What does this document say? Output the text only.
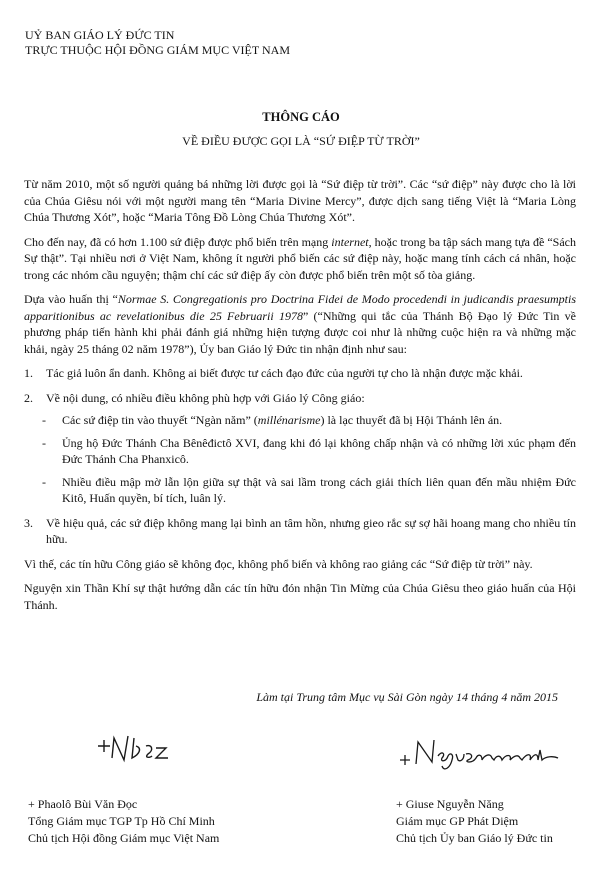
UỶ BAN GIÁO LÝ ĐỨC TIN
TRỰC THUỘC HỘI ĐỒNG GIÁM MỤC VIỆT NAM
THÔNG CÁO
VỀ ĐIỀU ĐƯỢC GỌI LÀ “SỨ ĐIỆP TỪ TRỜI”

Từ năm 2010, một số người quảng bá những lời được gọi là “Sứ điệp từ trời”. Các “sứ điệp” này được cho là lời của Chúa Giêsu nói với một người mang tên “Maria Divine Mercy”, được dịch sang tiếng Việt là “Maria Lòng Chúa Thương Xót”, hoặc “Maria Tông Đồ Lòng Chúa Thương Xót”.

Cho đến nay, đã có hơn 1.100 sứ điệp được phổ biến trên mạng internet, hoặc trong ba tập sách mang tựa đề “Sách Sự thật”. Tại nhiều nơi ở Việt Nam, không ít người phổ biến các sứ điệp này, hoặc mang tính cách cá nhân, hoặc trong các nhóm cầu nguyện; thậm chí các sứ điệp ấy còn được phổ biến trên một số tòa giảng.

Dựa vào huấn thị “Normae S. Congregationis pro Doctrina Fidei de Modo procedendi in judicandis praesumptis apparitionibus ac revelationibus die 25 Februarii 1978” (“Những qui tắc của Thánh Bộ Đạo lý Đức Tin về phương pháp tiến hành khi phải đánh giá những hiện tượng được coi như là những cuộc hiện ra và những mặc khải, ngày 25 tháng 02 năm 1978”), Ủy ban Giáo lý Đức tin nhận định như sau:

1.	Tác giả luôn ẩn danh. Không ai biết được tư cách đạo đức của người tự cho là nhận được mặc khải.
2.	Về nội dung, có nhiều điều không phù hợp với Giáo lý Công giáo:
-	Các sứ điệp tin vào thuyết “Ngàn năm” (millénarisme) là lạc thuyết đã bị Hội Thánh lên án.
-	Ủng hộ Đức Thánh Cha Bênêđictô XVI, đang khi đó lại không chấp nhận và có những lời xúc phạm đến Đức Thánh Cha Phanxicô.
-	Nhiều điều mập mờ lẫn lộn giữa sự thật và sai lầm trong cách giải thích liên quan đến mầu nhiệm Đức Kitô, Huấn quyền, bí tích, luân lý.
3.	Về hiệu quả, các sứ điệp không mang lại bình an tâm hồn, nhưng gieo rắc sự sợ hãi hoang mang cho nhiều tín hữu.

Vì thế, các tín hữu Công giáo sẽ không đọc, không phổ biến và không rao giảng các “Sứ điệp từ trời” này.

Nguyện xin Thần Khí sự thật hướng dẫn các tín hữu đón nhận Tin Mừng của Chúa Giêsu theo giáo huấn của Hội Thánh.

Làm tại Trung tâm Mục vụ Sài Gòn ngày 14 tháng 4 năm 2015
+ Phaolô Bùi Văn Đọc
Tổng Giám mục TGP Tp Hồ Chí Minh
Chủ tịch Hội đồng Giám mục Việt Nam
+ Giuse Nguyễn Năng
Giám mục GP Phát Diệm
Chủ tịch Ủy ban Giáo lý Đức tin
